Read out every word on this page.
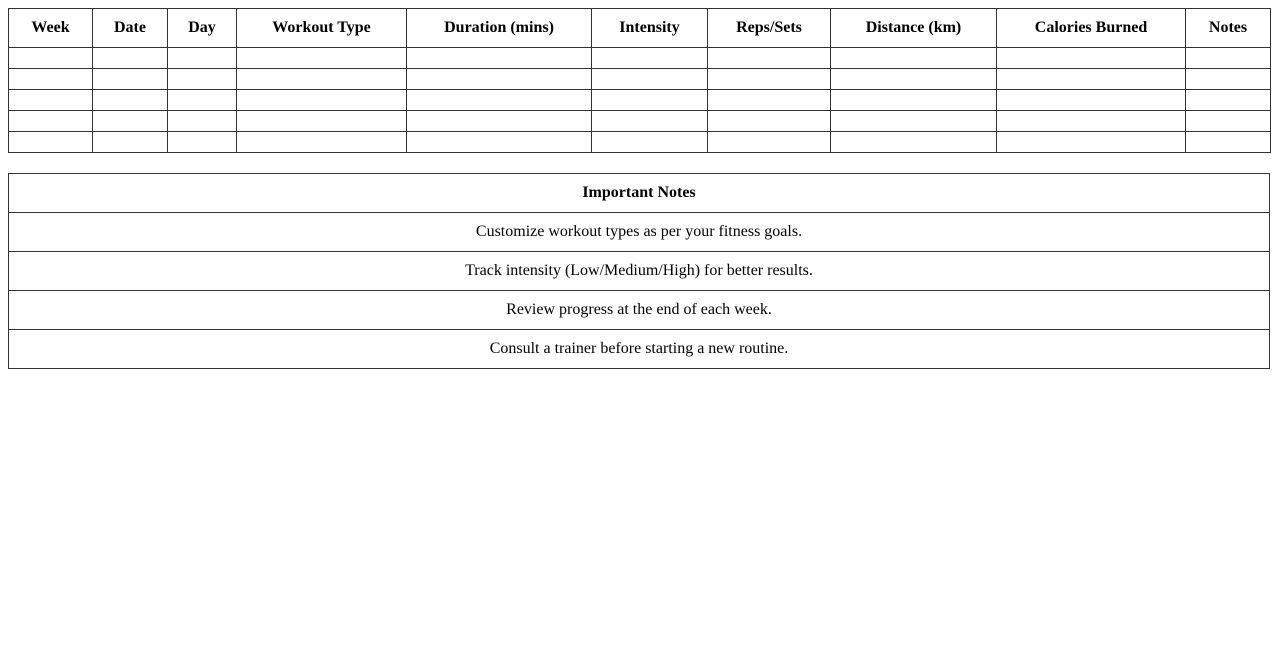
Week	Date	Day	Workout Type	Duration (mins)	Intensity	Reps/Sets	Distance (km)	Calories Burned	Notes

Important Notes
Customize workout types as per your fitness goals.
Track intensity (Low/Medium/High) for better results.
Review progress at the end of each week.
Consult a trainer before starting a new routine.
